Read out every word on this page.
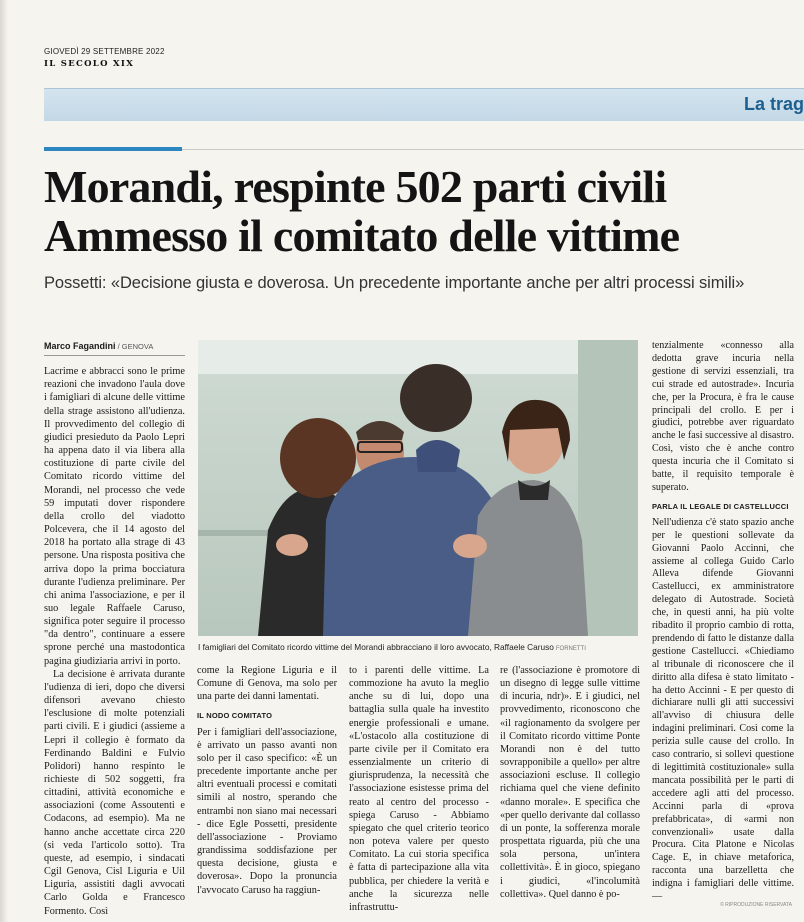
GIOVEDÌ 29 SETTEMBRE 2022
IL SECOLO XIX
La trag
Morandi, respinte 502 parti civili
Ammesso il comitato delle vittime
Possetti: «Decisione giusta e doverosa. Un precedente importante anche per altri processi simili»
Marco Fagandini / GENOVA

Lacrime e abbracci sono le prime reazioni che invadono l'aula dove i famigliari di alcune delle vittime della strage assistono all'udienza. Il provvedimento del collegio di giudici presieduto da Paolo Lepri ha appena dato il via libera alla costituzione di parte civile del Comitato ricordo vittime del Morandi, nel processo che vede 59 imputati dover rispondere della crollo del viadotto Polcevera, che il 14 agosto del 2018 ha portato alla strage di 43 persone. Una risposta positiva che arriva dopo la prima bocciatura durante l'udienza preliminare. Per chi anima l'associazione, e per il suo legale Raffaele Caruso, significa poter seguire il processo "da dentro", continuare a essere sprone perché una mastodontica pagina giudiziaria arrivi in porto.

La decisione è arrivata durante l'udienza di ieri, dopo che diversi difensori avevano chiesto l'esclusione di molte potenziali parti civili. E i giudici (assieme a Lepri il collegio è formato da Ferdinando Baldini e Fulvio Polidori) hanno respinto le richieste di 502 soggetti, fra cittadini, attività economiche e associazioni (come Assoutenti e Codacons, ad esempio). Ma ne hanno anche accettate circa 220 (si veda l'articolo sotto). Tra queste, ad esempio, i sindacati Cgil Genova, Cisl Liguria e Uil Liguria, assistiti dagli avvocati Carlo Golda e Francesco Formento. Così

I famigliari del Comitato ricordo vittime del Morandi abbracciano il loro avvocato, Raffaele Caruso FORNETTI

come la Regione Liguria e il Comune di Genova, ma solo per una parte dei danni lamentati.

IL NODO COMITATO

Per i famigliari dell'associazione, è arrivato un passo avanti non solo per il caso specifico: «È un precedente importante anche per altri eventuali processi e comitati simili al nostro, sperando che entrambi non siano mai necessari - dice Egle Possetti, presidente dell'associazione - Proviamo grandissima soddisfazione per questa decisione, giusta e doverosa». Dopo la pronuncia l'avvocato Caruso ha raggiun-

to i parenti delle vittime. La commozione ha avuto la meglio anche su di lui, dopo una battaglia sulla quale ha investito energie professionali e umane. «L'ostacolo alla costituzione di parte civile per il Comitato era essenzialmente un criterio di giurisprudenza, la necessità che l'associazione esistesse prima del reato al centro del processo - spiega Caruso - Abbiamo spiegato che quel criterio teorico non poteva valere per questo Comitato. La cui storia specifica è fatta di partecipazione alla vita pubblica, per chiedere la verità e anche la sicurezza nelle infrastruttu-

re (l'associazione è promotore di un disegno di legge sulle vittime di incuria, ndr)». E i giudici, nel provvedimento, riconoscono che «il ragionamento da svolgere per il Comitato ricordo vittime Ponte Morandi non è del tutto sovrapponibile a quello» per altre associazioni escluse. Il collegio richiama quel che viene definito «danno morale». E specifica che «per quello derivante dal collasso di un ponte, la sofferenza morale prospettata riguarda, più che una sola persona, un'intera collettività». È in gioco, spiegano i giudici, «l'incolumità collettiva». Quel danno è po-

tenzialmente «connesso alla dedotta grave incuria nella gestione di servizi essenziali, tra cui strade ed autostrade». Incuria che, per la Procura, è fra le cause principali del crollo. E per i giudici, potrebbe aver riguardato anche le fasi successive al disastro. Così, visto che è anche contro questa incuria che il Comitato si batte, il requisito temporale è superato.

PARLA IL LEGALE DI CASTELLUCCI

Nell'udienza c'è stato spazio anche per le questioni sollevate da Giovanni Paolo Accinni, che assieme al collega Guido Carlo Alleva difende Giovanni Castellucci, ex amministratore delegato di Autostrade. Società che, in questi anni, ha più volte ribadito il proprio cambio di rotta, prendendo di fatto le distanze dalla gestione Castellucci. «Chiediamo al tribunale di riconoscere che il diritto alla difesa è stato limitato - ha detto Accinni - E per questo di dichiarare nulli gli atti successivi all'avviso di chiusura delle indagini preliminari. Così come la perizia sulle cause del crollo. In caso contrario, si sollevi questione di legittimità costituzionale» sulla mancata possibilità per le parti di accedere agli atti del processo. Accinni parla di «prova prefabbricata», di «armi non convenzionali» usate dalla Procura. Cita Platone e Nicolas Cage. E, in chiave metaforica, racconta una barzelletta che indigna i famigliari delle vittime. —

© RIPRODUZIONE RISERVATA
